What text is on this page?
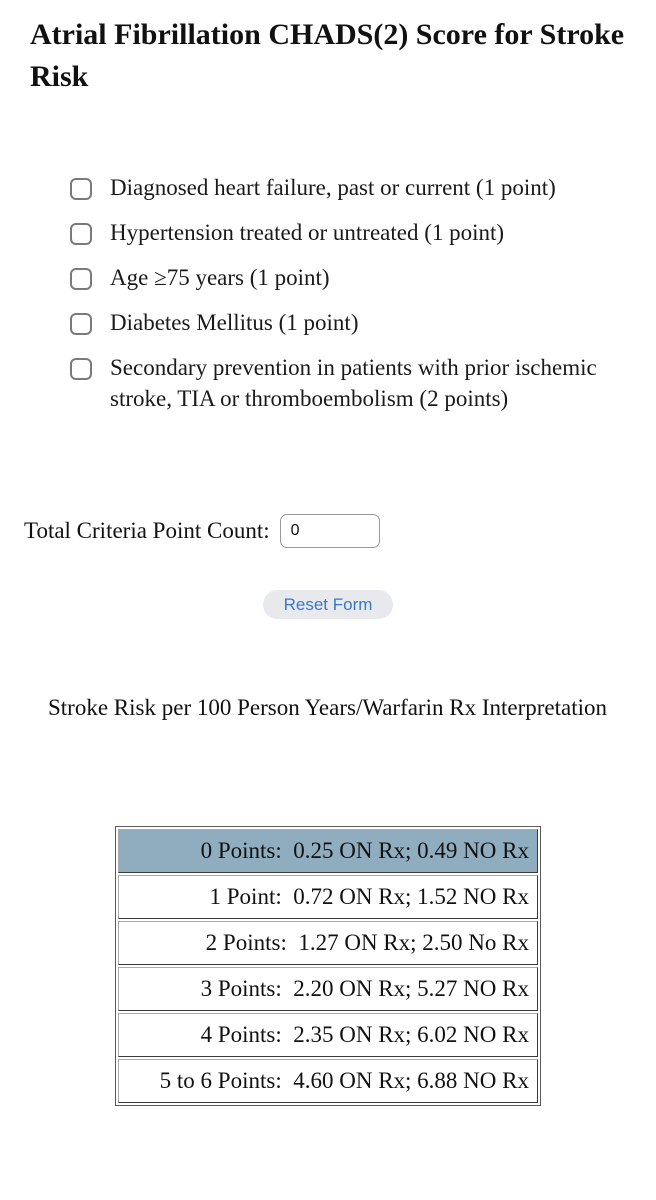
Atrial Fibrillation CHADS(2) Score for Stroke Risk
Diagnosed heart failure, past or current (1 point)
Hypertension treated or untreated (1 point)
Age ≥75 years (1 point)
Diabetes Mellitus (1 point)
Secondary prevention in patients with prior ischemic stroke, TIA or thromboembolism (2 points)
Total Criteria Point Count:
0
Reset Form
Stroke Risk per 100 Person Years/Warfarin Rx Interpretation
0 Points:  0.25 ON Rx; 0.49 NO Rx
1 Point:  0.72 ON Rx; 1.52 NO Rx
2 Points:  1.27 ON Rx; 2.50 No Rx
3 Points:  2.20 ON Rx; 5.27 NO Rx
4 Points:  2.35 ON Rx; 6.02 NO Rx
5 to 6 Points:  4.60 ON Rx; 6.88 NO Rx
